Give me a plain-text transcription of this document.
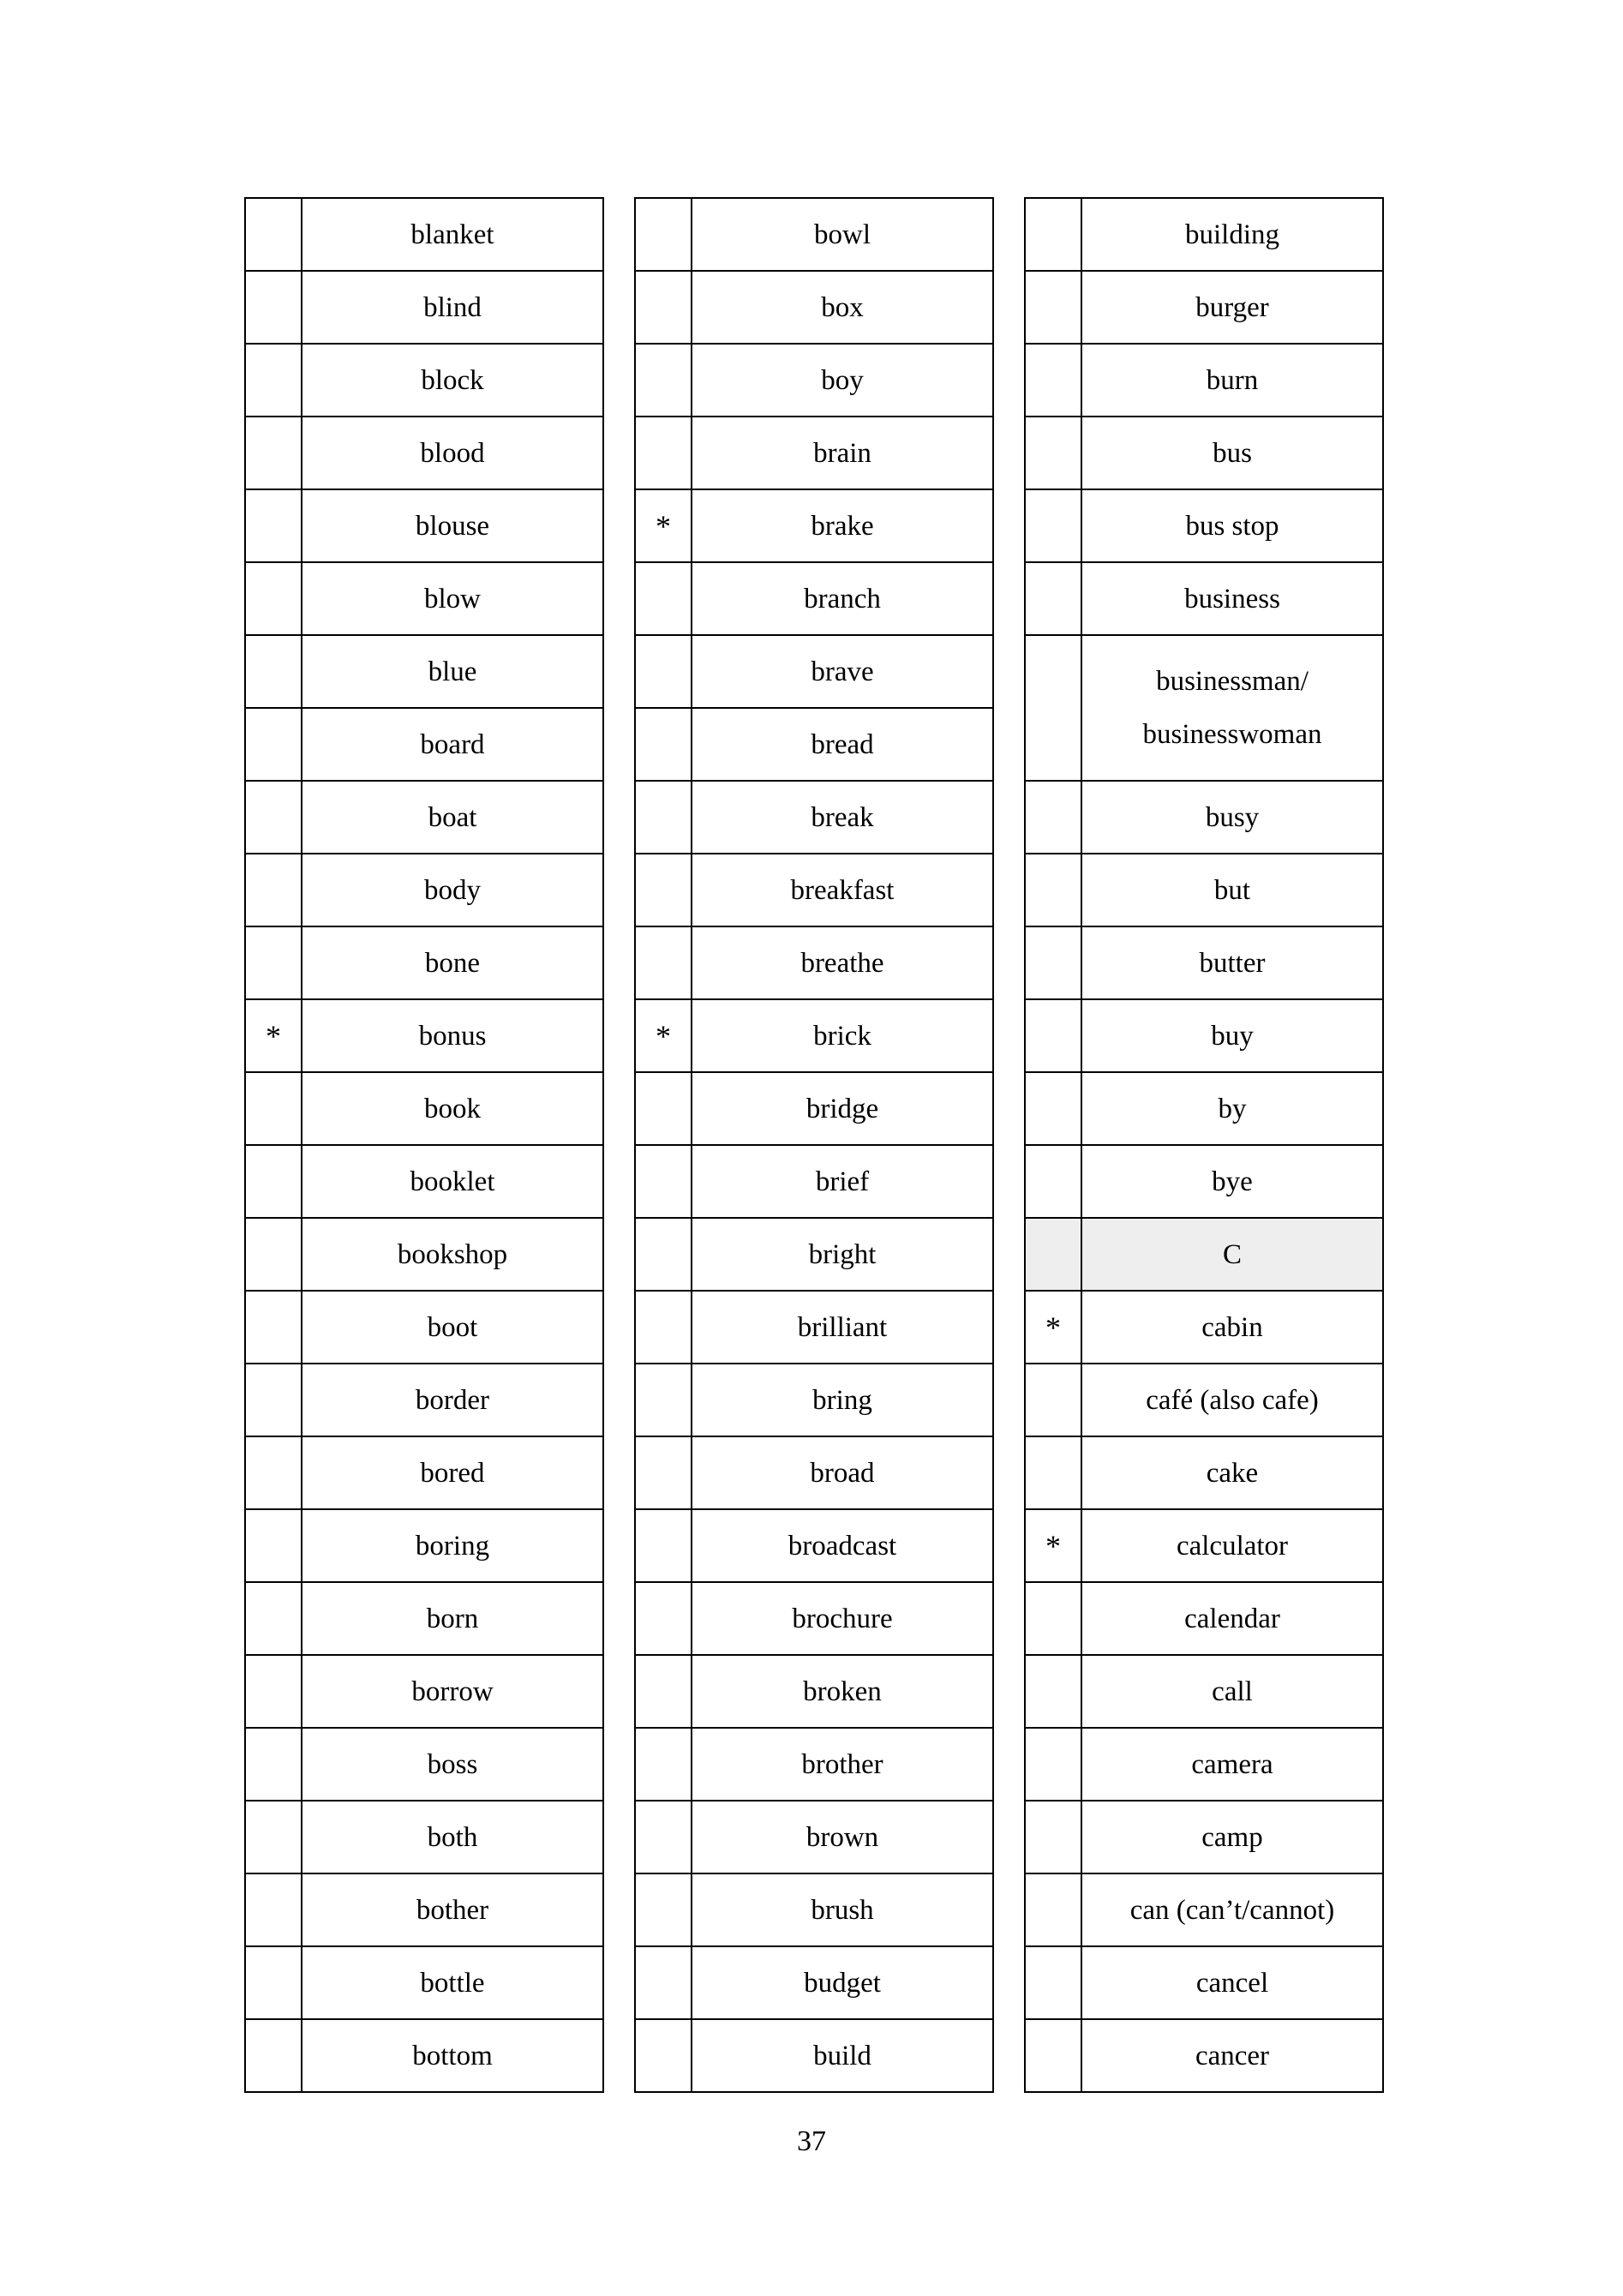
	blanket
	blind
	block
	blood
	blouse
	blow
	blue
	board
	boat
	body
	bone
*	bonus
	book
	booklet
	bookshop
	boot
	border
	bored
	boring
	born
	borrow
	boss
	both
	bother
	bottle
	bottom
	bowl
	box
	boy
	brain
*	brake
	branch
	brave
	bread
	break
	breakfast
	breathe
*	brick
	bridge
	brief
	bright
	brilliant
	bring
	broad
	broadcast
	brochure
	broken
	brother
	brown
	brush
	budget
	build
	building
	burger
	burn
	bus
	bus stop
	business

	businessman/
businesswoman

	busy
	but
	butter
	buy
	by
	bye
	C
*	cabin
	café (also cafe)
	cake
*	calculator
	calendar
	call
	camera
	camp
	can (can’t/cannot)
	cancel
	cancer
37
